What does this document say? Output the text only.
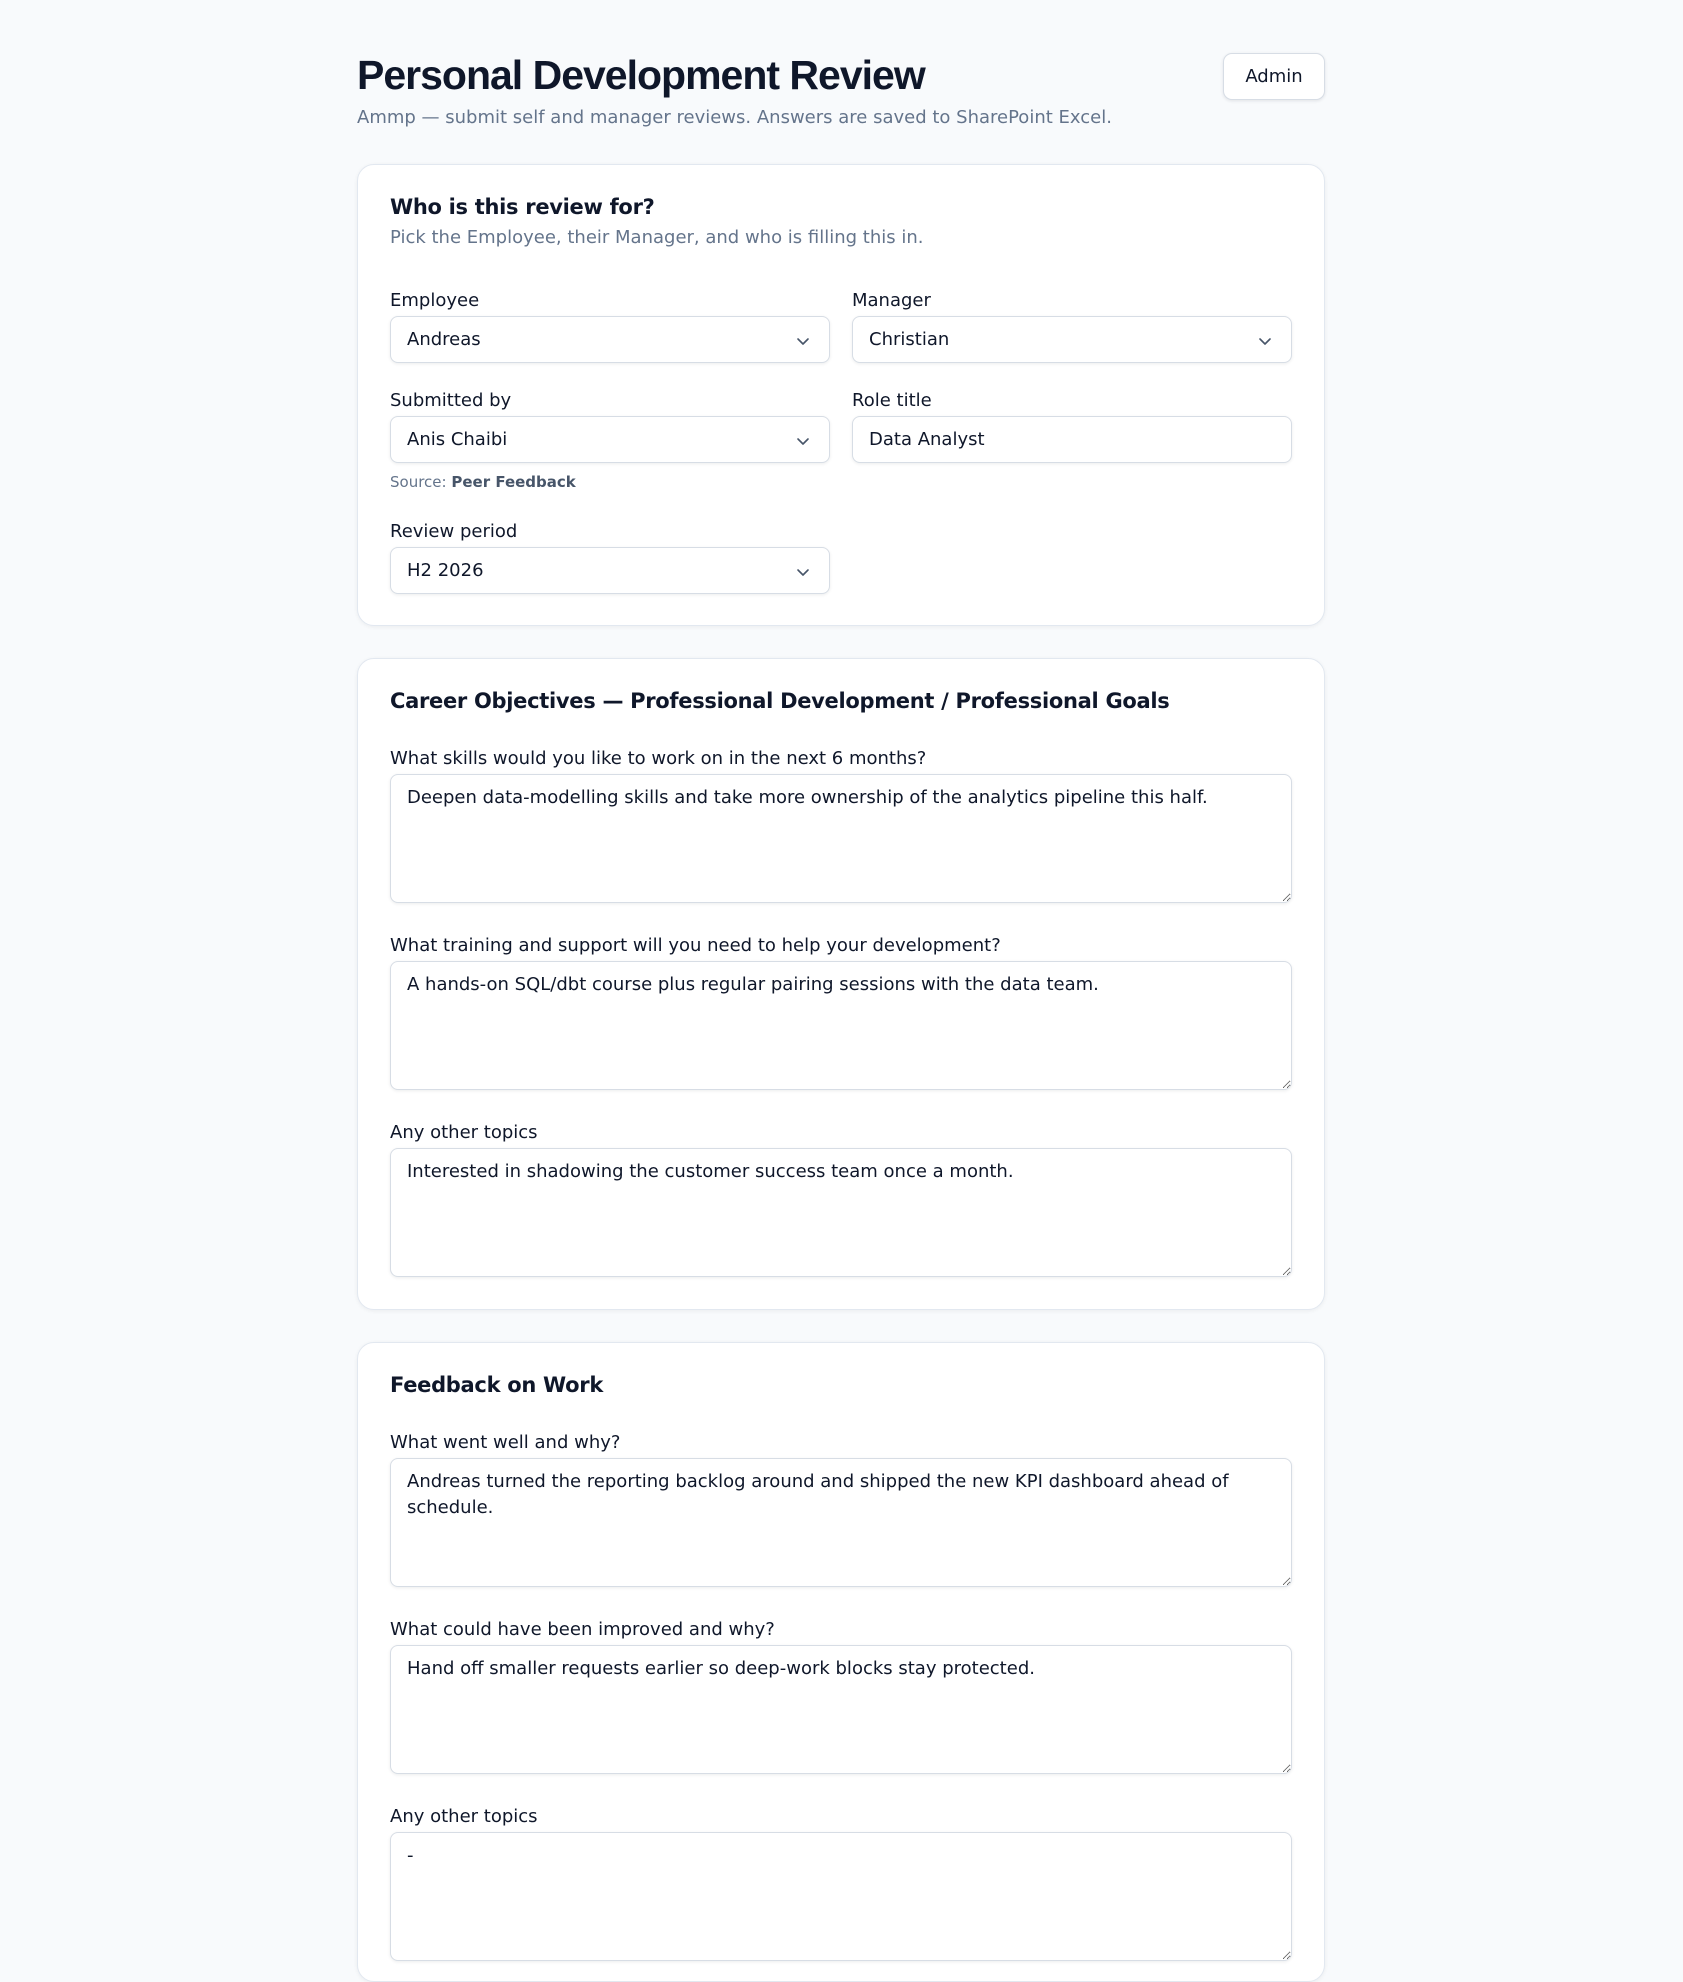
Personal Development Review
Ammp — submit self and manager reviews. Answers are saved to SharePoint Excel.
Admin
Who is this review for?
Pick the Employee, their Manager, and who is filling this in.
Employee
Andreas
Manager
Christian
Submitted by
Anis Chaibi
Role title
Data Analyst
Source: Peer Feedback
Review period
H2 2026
Career Objectives — Professional Development / Professional Goals
What skills would you like to work on in the next 6 months?
Deepen data-modelling skills and take more ownership of the analytics pipeline this half.
What training and support will you need to help your development?
A hands-on SQL/dbt course plus regular pairing sessions with the data team.
Any other topics
Interested in shadowing the customer success team once a month.
Feedback on Work
What went well and why?
Andreas turned the reporting backlog around and shipped the new KPI dashboard ahead of schedule.
What could have been improved and why?
Hand off smaller requests earlier so deep-work blocks stay protected.
Any other topics
-
